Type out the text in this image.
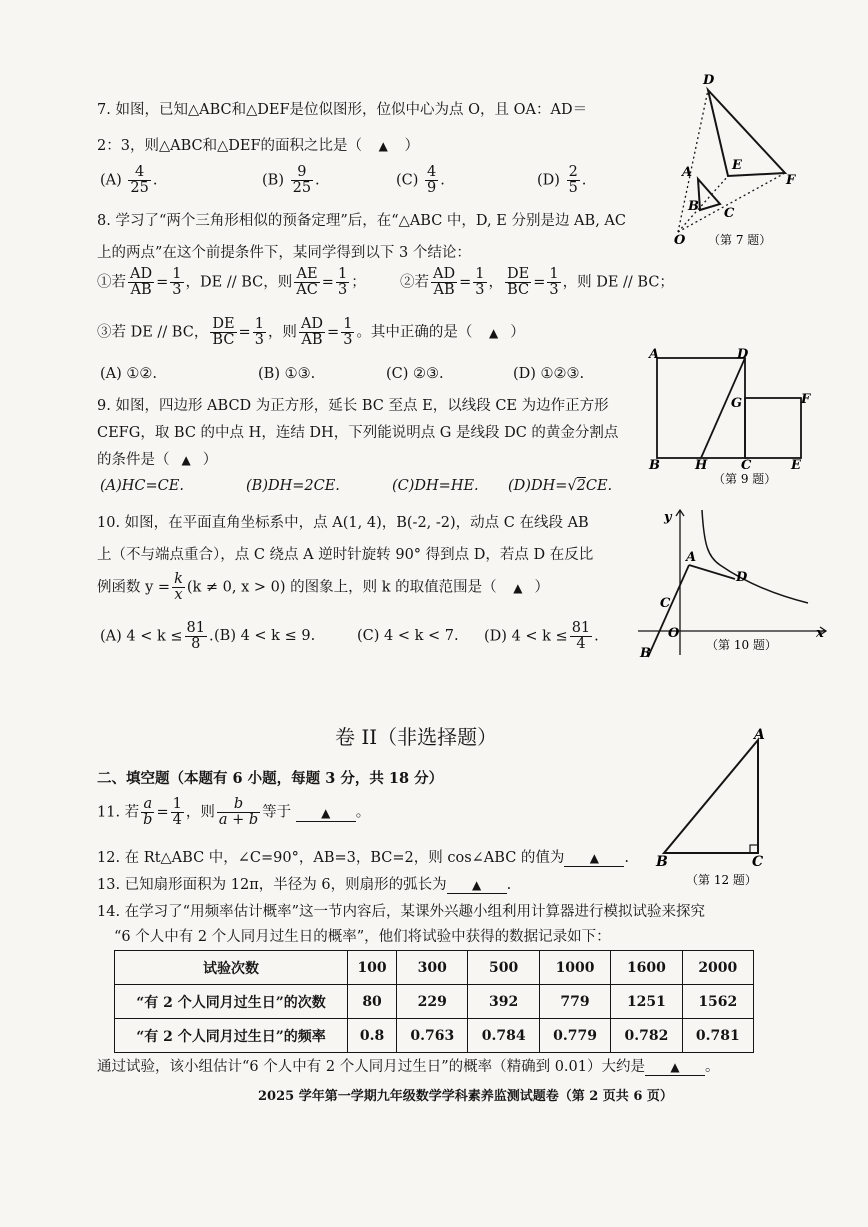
7. 如图，已知△ABC和△DEF是位似图形，位似中心为点 O，且 OA：AD＝
2：3，则△ABC和△DEF的面积之比是（ ▲ ）
$(A) \frac{4}{25}$ .	$(B) \frac{9}{25}$ .	$(C) \frac{4}{9}$ .	$(D) \frac{2}{5}$ .
D
E
F
A
B C
O （第 7 题）
8. 学习了“两个三角形相似的预备定理”后，在“△ABC 中，D, E 分别是边 AB, AC
上的两点”在这个前提条件下，某同学得到以下 3 个结论：
①若 $\frac{AD}{AB} = \frac{1}{3}$ ，DE // BC，则 $\frac{AE}{AC} = \frac{1}{3}$ ； ②若 $\frac{AD}{AB} = \frac{1}{3}$ ， $\frac{DE}{BC} = \frac{1}{3}$ ，则 DE // BC；
③若 DE // BC， $\frac{DE}{BC} = \frac{1}{3}$ ，则 $\frac{AD}{AB} = \frac{1}{3}$ 。其中正确的是（ ▲ ）
(A) ①②.	(B) ①③.	(C) ②③.	(D) ①②③.
A	D
G	F
B	H	C	E
（第 9 题）
9. 如图，四边形 ABCD 为正方形，延长 BC 至点 E，以线段 CE 为边作正方形
CEFG，取 BC 的中点 H，连结 DH，下列能说明点 G 是线段 DC 的黄金分割点
的条件是（ ▲ ）
(A)HC=CE.	(B)DH=2CE.	(C)DH=HE. (D)DH=√2CE.
10. 如图，在平面直角坐标系中，点 A(1, 4)，B(-2, -2)，动点 C 在线段 AB
上（不与端点重合），点 C 绕点 A 逆时针旋转 90° 得到点 D，若点 D 在反比
例函数 $y = \frac{k}{x} (k \ne 0$, x > 0) 的图象上，则 k 的取值范围是（ ▲ ）
(A) $4 < k \le \frac{81}{8}$ . (B) 4 < k ≤ 9.	(C) 4 < k < 7. (D) $4 < k \le \frac{81}{4}$ .
y
x
A
D
C
O
B
（第 10 题）
卷 II（非选择题）
二、填空题（本题有 6 小题，每题 3 分，共 18 分）
11. 若 $\frac{a}{b} = \frac{1}{4}$ ，则 $\frac{b}{a + b}$ 等于 ▲ 。
12. 在 Rt△ABC 中，∠C=90°，AB=3，BC=2，则 cos∠ABC 的值为 ▲ .
A
B	C
（第 12 题）
13. 已知扇形面积为 12π，半径为 6，则扇形的弧长为 ▲ .
14. 在学习了“用频率估计概率”这一节内容后，某课外兴趣小组利用计算器进行模拟试验来探究
“6 个人中有 2 个人同月过生日的概率”，他们将试验中获得的数据记录如下：
试验次数	100	300	500	1000	1600	2000
“有 2 个人同月过生日”的次数	80	229	392	779	1251	1562
“有 2 个人同月过生日”的频率	0.8	0.763	0.784	0.779	0.782	0.781
通过试验，该小组估计“6 个人中有 2 个人同月过生日”的概率（精确到 0.01）大约是 ▲ 。
2025 学年第一学期九年级数学学科素养监测试题卷（第 2 页共 6 页）
